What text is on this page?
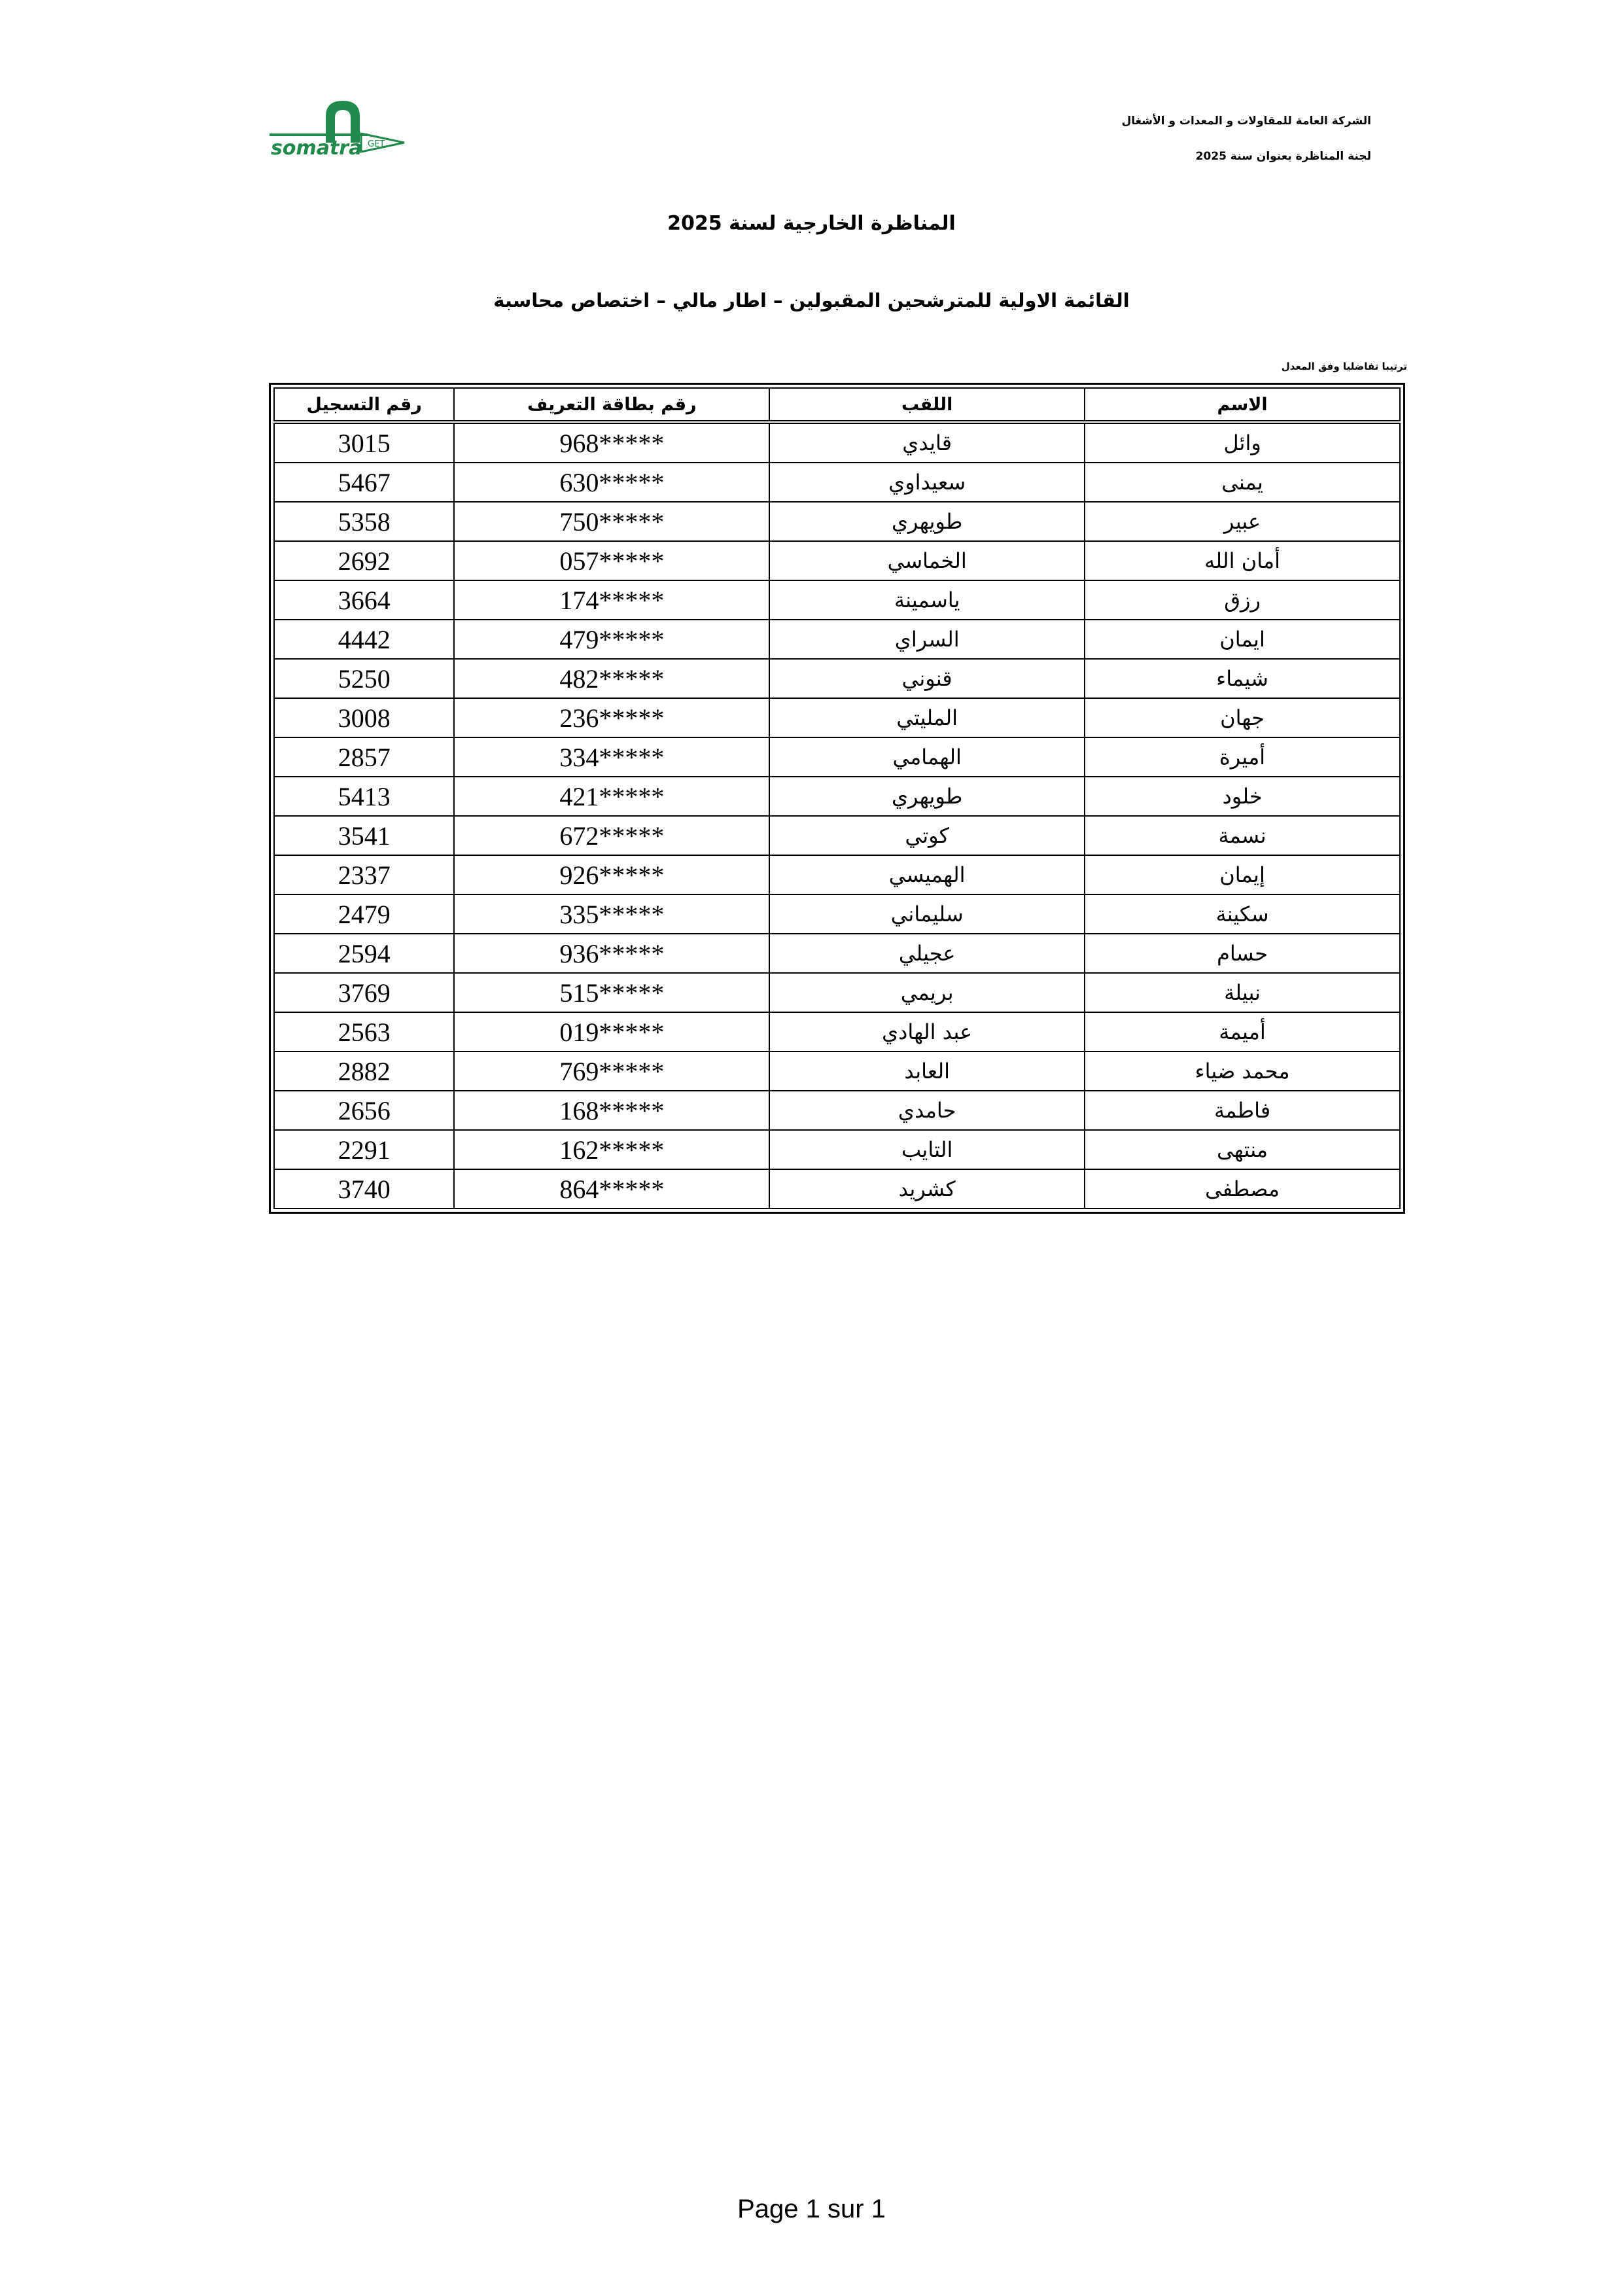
somatra GET
الشركة العامة للمقاولات و المعدات و الأشغال
لجنة المناظرة بعنوان سنة 2025
المناظرة الخارجية لسنة 2025
القائمة الاولية للمترشحين المقبولين – اطار مالي – اختصاص محاسبة
ترتيبا تفاضليا وفق المعدل
الاسم	اللقب	رقم بطاقة التعريف	رقم التسجيل
وائل	قايدي	968*****	3015
يمنى	سعيداوي	630*****	5467
عبير	طويهري	750*****	5358
أمان الله	الخماسي	057*****	2692
رزق	ياسمينة	174*****	3664
ايمان	السراي	479*****	4442
شيماء	قنوني	482*****	5250
جهان	المليتي	236*****	3008
أميرة	الهمامي	334*****	2857
خلود	طويهري	421*****	5413
نسمة	كوتي	672*****	3541
إيمان	الهميسي	926*****	2337
سكينة	سليماني	335*****	2479
حسام	عجيلي	936*****	2594
نبيلة	بريمي	515*****	3769
أميمة	عبد الهادي	019*****	2563
محمد ضياء	العابد	769*****	2882
فاطمة	حامدي	168*****	2656
منتهى	التايب	162*****	2291
مصطفى	كشريد	864*****	3740
Page 1 sur 1
